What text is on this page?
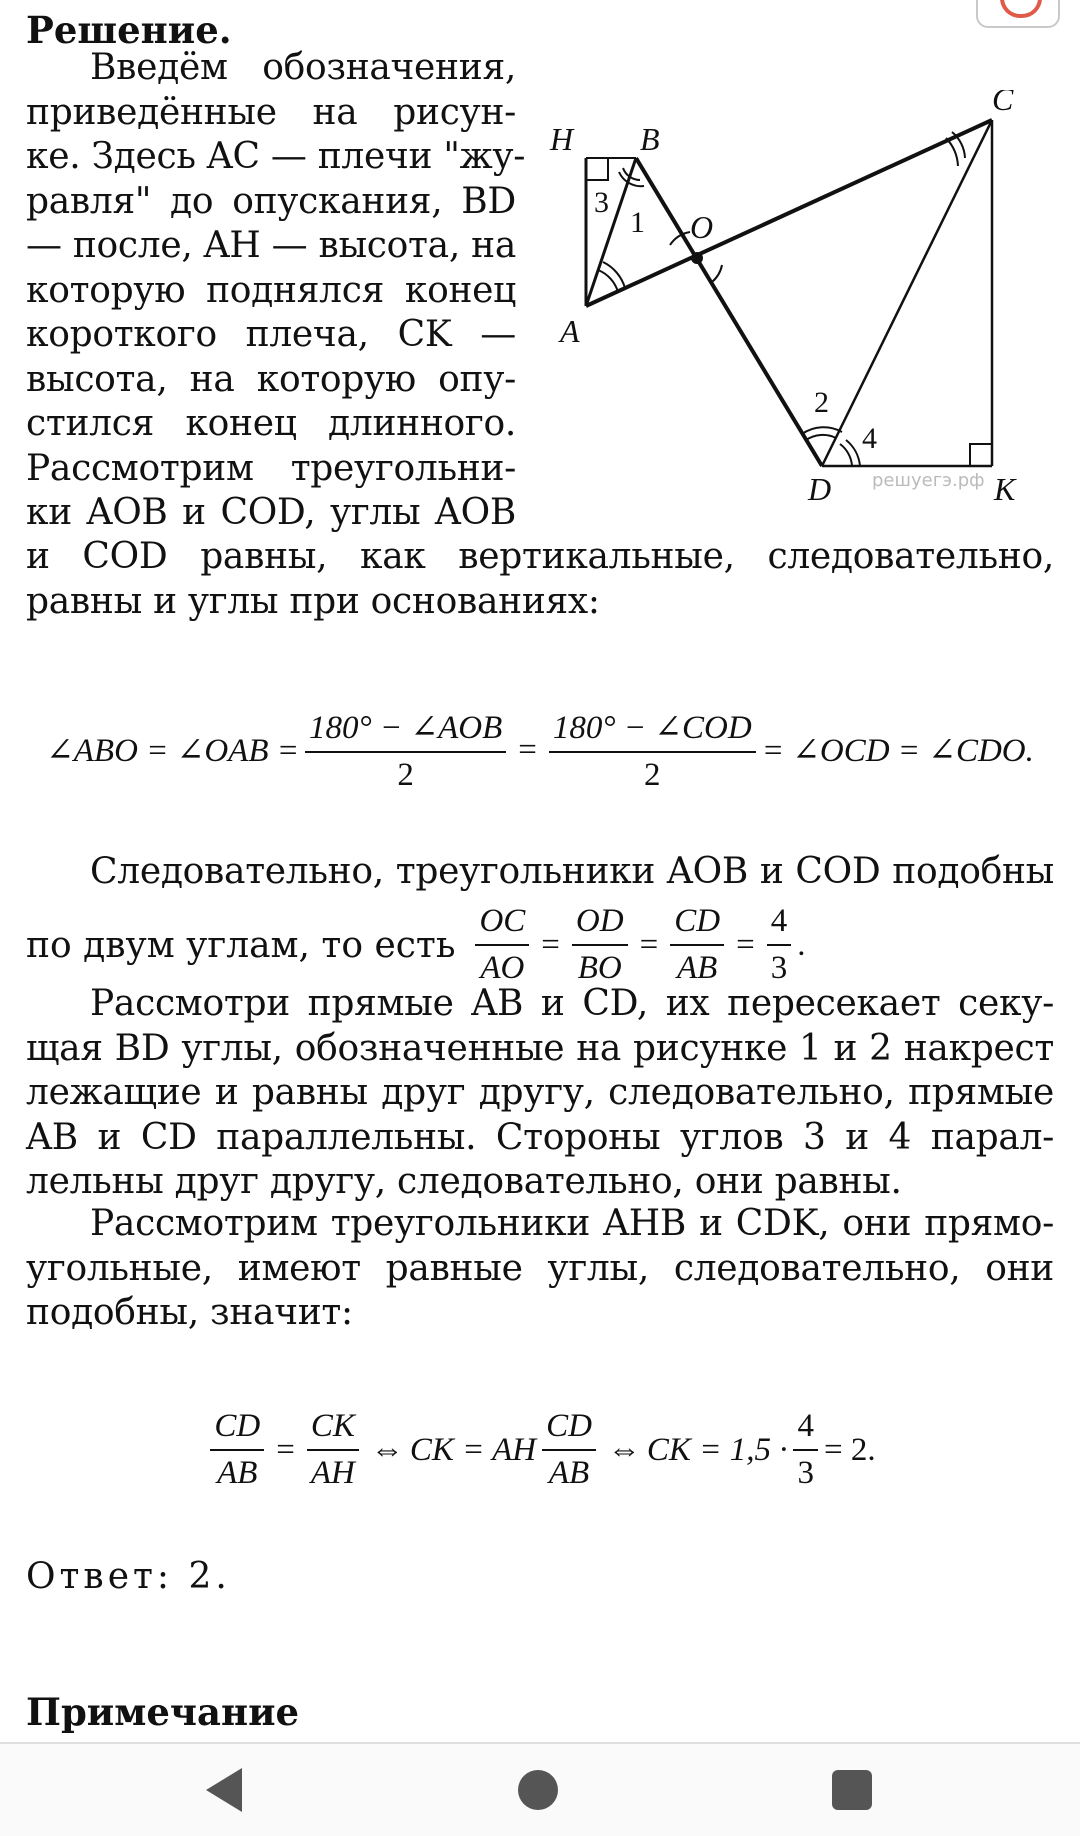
Решение.
Введём обозначения,
приведённые на рисун-
ке. Здесь AC — плечи "жу-
равля" до опускания, BD
— после, AH — высота, на
которую поднялся конец
короткого плеча, CK —
высота, на которую опу-
стился конец длинного.
Рассмотрим треугольни-
ки AOB и COD, углы AOB
и COD равны, как вертикальные, следовательно,
равны и углы при основаниях:
H B
A
O
C
D	K
1
2
3
4
решуегэ.рф
∠ABO = ∠OAB = $\frac{\text{180° − ∠AOB}}{2} = \frac{\text{180° − ∠COD}}{2}$ = ∠OCD = ∠CDO.
Следовательно, треугольники AOB и COD подобны
по двум углам, то есть $\frac{OC}{AO} = \frac{OD}{BO} = \frac{CD}{AB} = \frac{4}{3}$ .
Рассмотри прямые AB и CD, их пересекает секу-
щая BD углы, обозначенные на рисунке 1 и 2 накрест
лежащие и равны друг другу, следовательно, прямые
AB и CD параллельны. Стороны углов 3 и 4 парал-
лельны друг другу, следовательно, они равны.
Рассмотрим треугольники AHB и CDK, они прямо-
угольные, имеют равные углы, следовательно, они
подобны, значит:
$\frac{CD}{AB} = \frac{CK}{AH}$ ⇔ CK = AH $\frac{CD}{AB}$ ⇔ CK = $1,5 \cdot \frac{4}{3} = 2$.
Ответ: 2.
Примечание
